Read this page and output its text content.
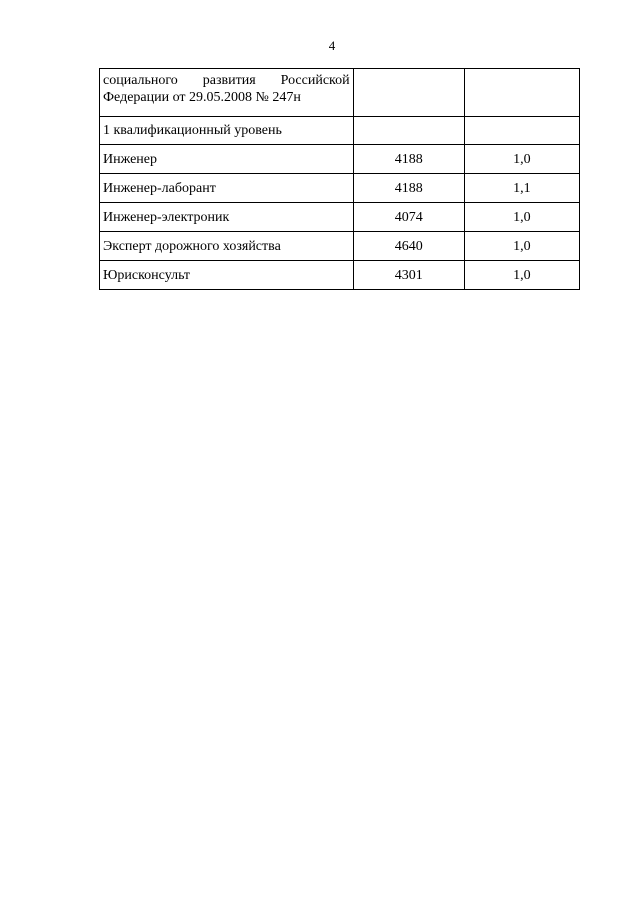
4
социального развития Российской
Федерации от 29.05.2008 № 247н		

1 квалификационный уровень		
Инженер	4188	1,0
Инженер-лаборант	4188	1,1
Инженер-электроник	4074	1,0
Эксперт дорожного хозяйства	4640	1,0
Юрисконсульт	4301	1,0
